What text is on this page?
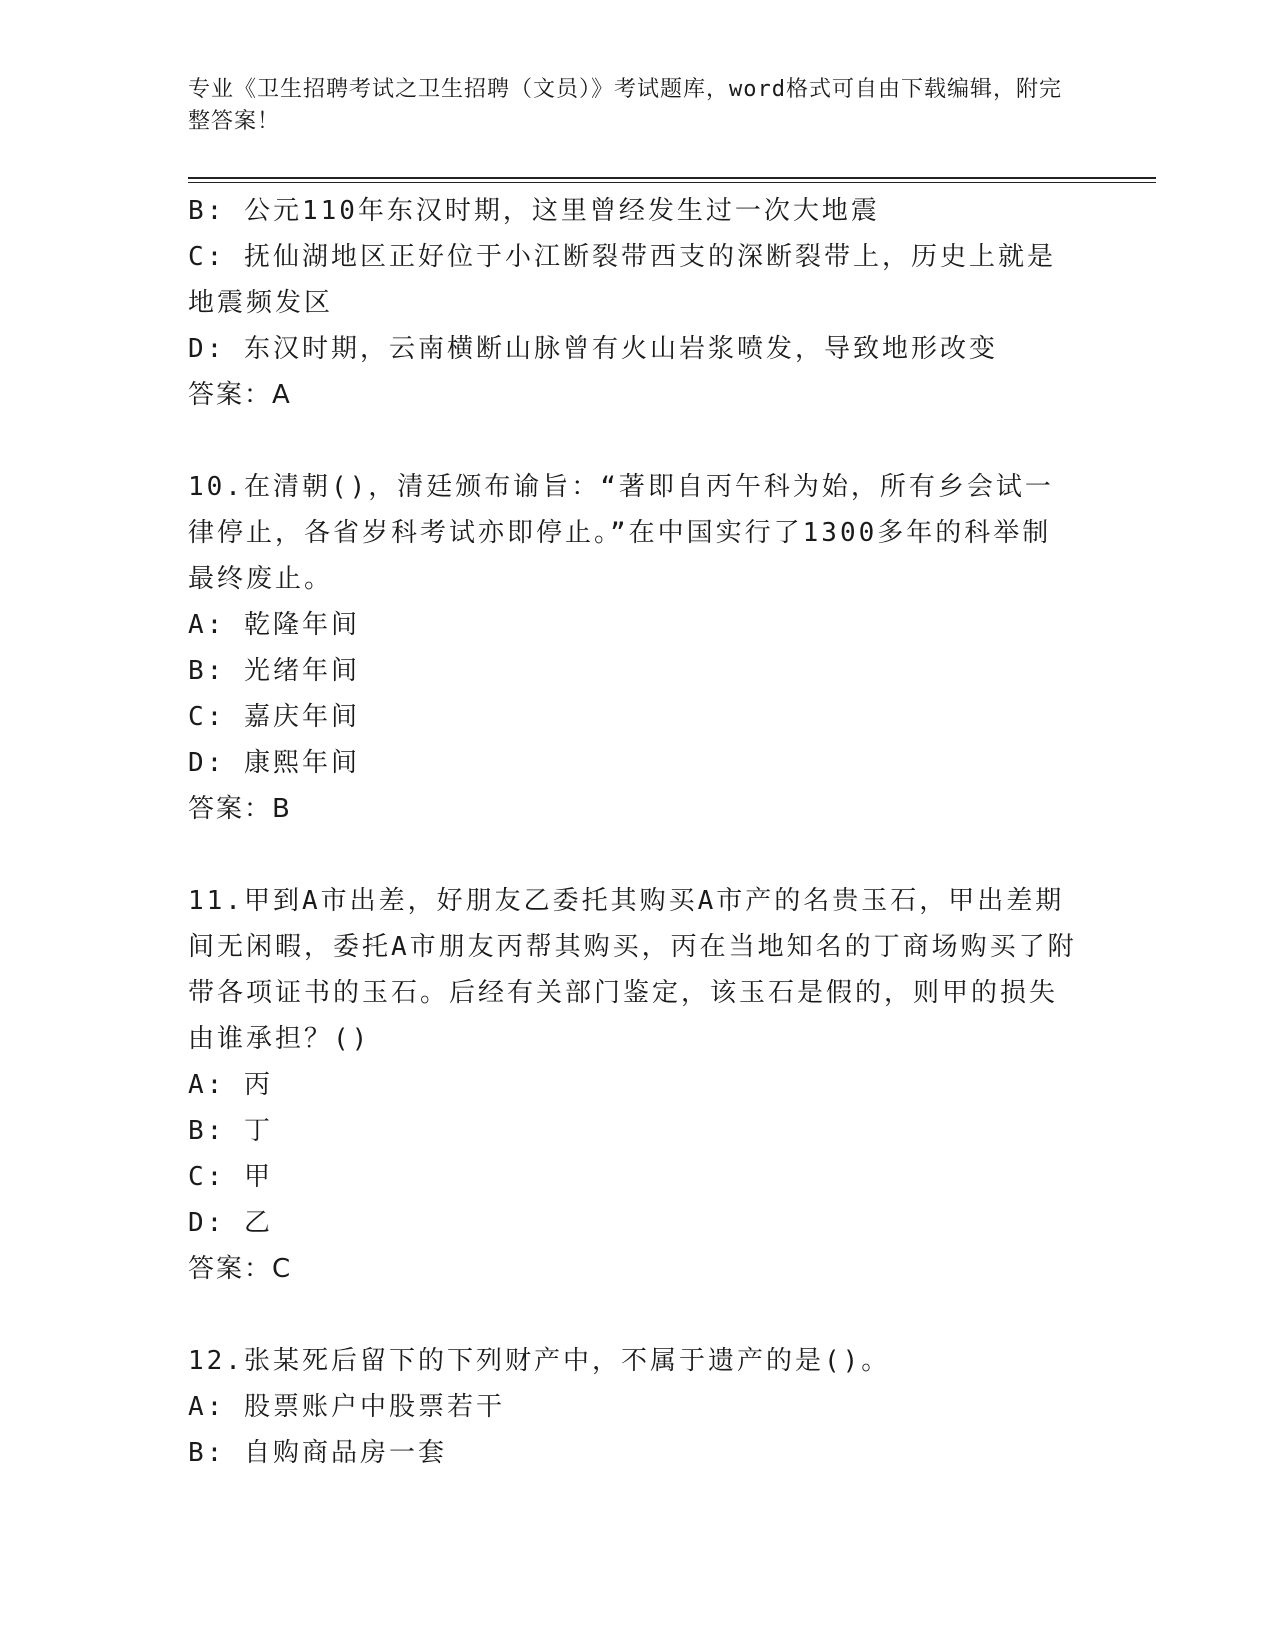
专业《卫生招聘考试之卫生招聘（文员）》考试题库，word格式可自由下载编辑，附完整答案！
B: 公元110年东汉时期，这里曾经发生过一次大地震
C: 抚仙湖地区正好位于小江断裂带西支的深断裂带上，历史上就是地震频发区
D: 东汉时期，云南横断山脉曾有火山岩浆喷发，导致地形改变
答案：A
10.在清朝()，清廷颁布谕旨：“著即自丙午科为始，所有乡会试一律停止，各省岁科考试亦即停止。”在中国实行了1300多年的科举制最终废止。
A: 乾隆年间
B: 光绪年间
C: 嘉庆年间
D: 康熙年间
答案：B
11.甲到A市出差，好朋友乙委托其购买A市产的名贵玉石，甲出差期间无闲暇，委托A市朋友丙帮其购买，丙在当地知名的丁商场购买了附带各项证书的玉石。后经有关部门鉴定，该玉石是假的，则甲的损失由谁承担？()
A: 丙
B: 丁
C: 甲
D: 乙
答案：C
12.张某死后留下的下列财产中，不属于遗产的是()。
A: 股票账户中股票若干
B: 自购商品房一套
